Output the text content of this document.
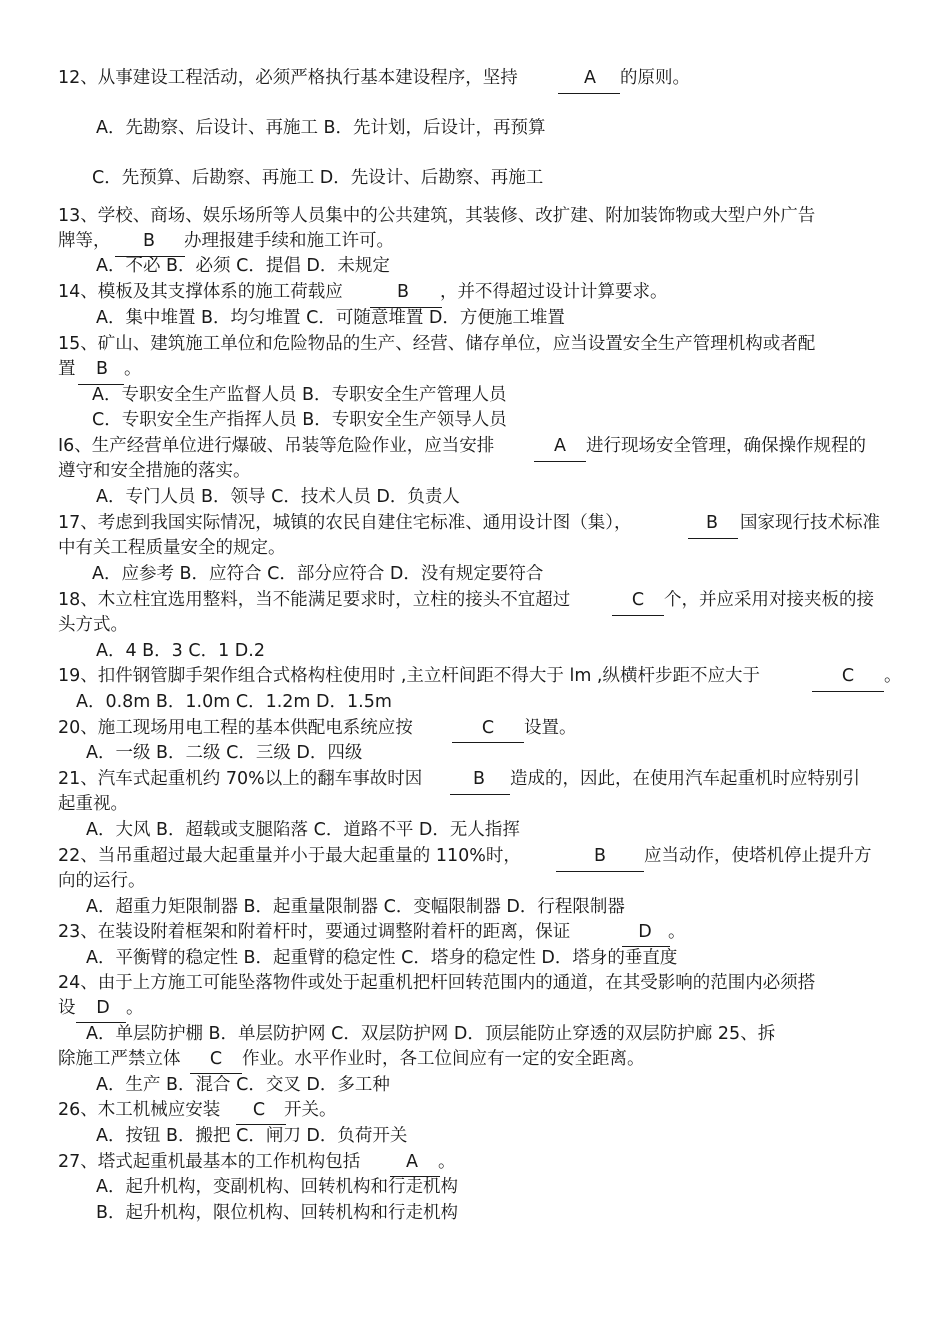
12、从事建设工程活动，必须严格执行基本建设程序，坚持	A	的原则。
A．先勘察、后设计、再施工 B．先计划，后设计，再预算
C．先预算、后勘察、再施工 D．先设计、后勘察、再施工
13、学校、商场、娱乐场所等人员集中的公共建筑，其装修、改扩建、附加装饰物或大型户外广告
牌等，	B	办理报建手续和施工许可。
A．不必 B．必须 C．提倡 D．未规定
14、模板及其支撑体系的施工荷载应	B	，并不得超过设计计算要求。
A．集中堆置 B．均匀堆置 C．可随意堆置 D．方便施工堆置
15、矿山、建筑施工单位和危险物品的生产、经营、储存单位，应当设置安全生产管理机构或者配
置	B 。
A．专职安全生产监督人员 B．专职安全生产管理人员
C．专职安全生产指挥人员 B．专职安全生产领导人员
I6、生产经营单位进行爆破、吊装等危险作业，应当安排	A	进行现场安全管理，确保操作规程的
遵守和安全措施的落实。
A．专门人员 B．领导 C．技术人员 D．负责人
17、考虑到我国实际情况，城镇的农民自建住宅标准、通用设计图（集），	B	国家现行技术标准
中有关工程质量安全的规定。
A．应参考 B．应符合 C．部分应符合 D．没有规定要符合
18、木立柱宜选用整料，当不能满足要求时，立柱的接头不宜超过	C	个，并应采用对接夹板的接
头方式。
A．4 B．3 C．1 D.2
19、扣件钢管脚手架作组合式格构柱使用时 ,主立杆间距不得大于 lm ,纵横杆步距不应大于	C	。
A．0.8m B．1.0m C．1.2m D．1.5m
20、施工现场用电工程的基本供配电系统应按	C	设置。
A．一级 B．二级 C．三级 D．四级
21、汽车式起重机约 70%以上的翻车事故时因	B	造成的，因此，在使用汽车起重机时应特别引
起重视。
A．大风 B．超载或支腿陷落 C．道路不平 D．无人指挥
22、当吊重超过最大起重量并小于最大起重量的 110%时，	B	应当动作，使塔机停止提升方
向的运行。
A．超重力矩限制器 B．起重量限制器 C．变幅限制器 D．行程限制器
23、在装设附着框架和附着杆时，要通过调整附着杆的距离，保证	D 。
A．平衡臂的稳定性 B．起重臂的稳定性 C．塔身的稳定性 D．塔身的垂直度
24、由于上方施工可能坠落物件或处于起重机把杆回转范围内的通道，在其受影响的范围内必须搭
设	D 。
A．单层防护棚 B．单层防护网 C．双层防护网 D．顶层能防止穿透的双层防护廊 25、拆
除施工严禁立体	C	作业。水平作业时，各工位间应有一定的安全距离。
A．生产 B．混合 C．交叉 D．多工种
26、木工机械应安装	C	开关。
A．按钮 B．搬把 C．闸刀 D．负荷开关
27、塔式起重机最基本的工作机构包括	A	。
A．起升机构，变副机构、回转机构和行走机构
B．起升机构，限位机构、回转机构和行走机构
